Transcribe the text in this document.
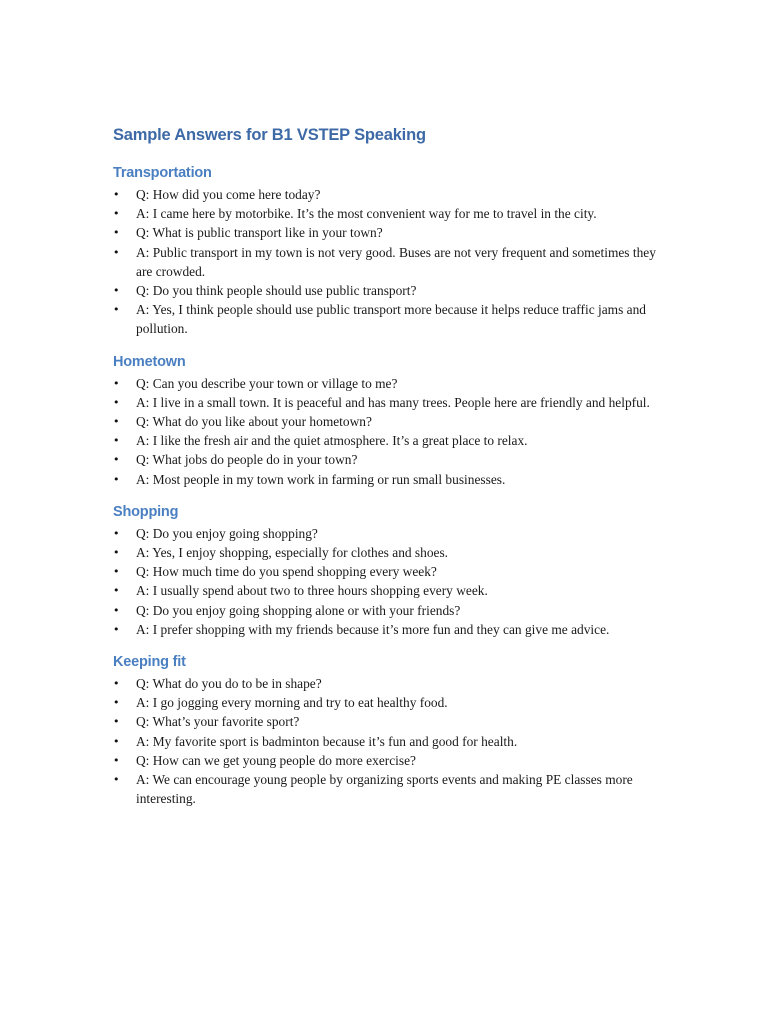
Sample Answers for B1 VSTEP Speaking
Transportation
• Q: How did you come here today?
• A: I came here by motorbike. It’s the most convenient way for me to travel in the city.
• Q: What is public transport like in your town?
• A: Public transport in my town is not very good. Buses are not very frequent and sometimes they are crowded.
• Q: Do you think people should use public transport?
• A: Yes, I think people should use public transport more because it helps reduce traffic jams and pollution.
Hometown
• Q: Can you describe your town or village to me?
• A: I live in a small town. It is peaceful and has many trees. People here are friendly and helpful.
• Q: What do you like about your hometown?
• A: I like the fresh air and the quiet atmosphere. It’s a great place to relax.
• Q: What jobs do people do in your town?
• A: Most people in my town work in farming or run small businesses.
Shopping
• Q: Do you enjoy going shopping?
• A: Yes, I enjoy shopping, especially for clothes and shoes.
• Q: How much time do you spend shopping every week?
• A: I usually spend about two to three hours shopping every week.
• Q: Do you enjoy going shopping alone or with your friends?
• A: I prefer shopping with my friends because it’s more fun and they can give me advice.
Keeping fit
• Q: What do you do to be in shape?
• A: I go jogging every morning and try to eat healthy food.
• Q: What’s your favorite sport?
• A: My favorite sport is badminton because it’s fun and good for health.
• Q: How can we get young people do more exercise?
• A: We can encourage young people by organizing sports events and making PE classes more interesting.
